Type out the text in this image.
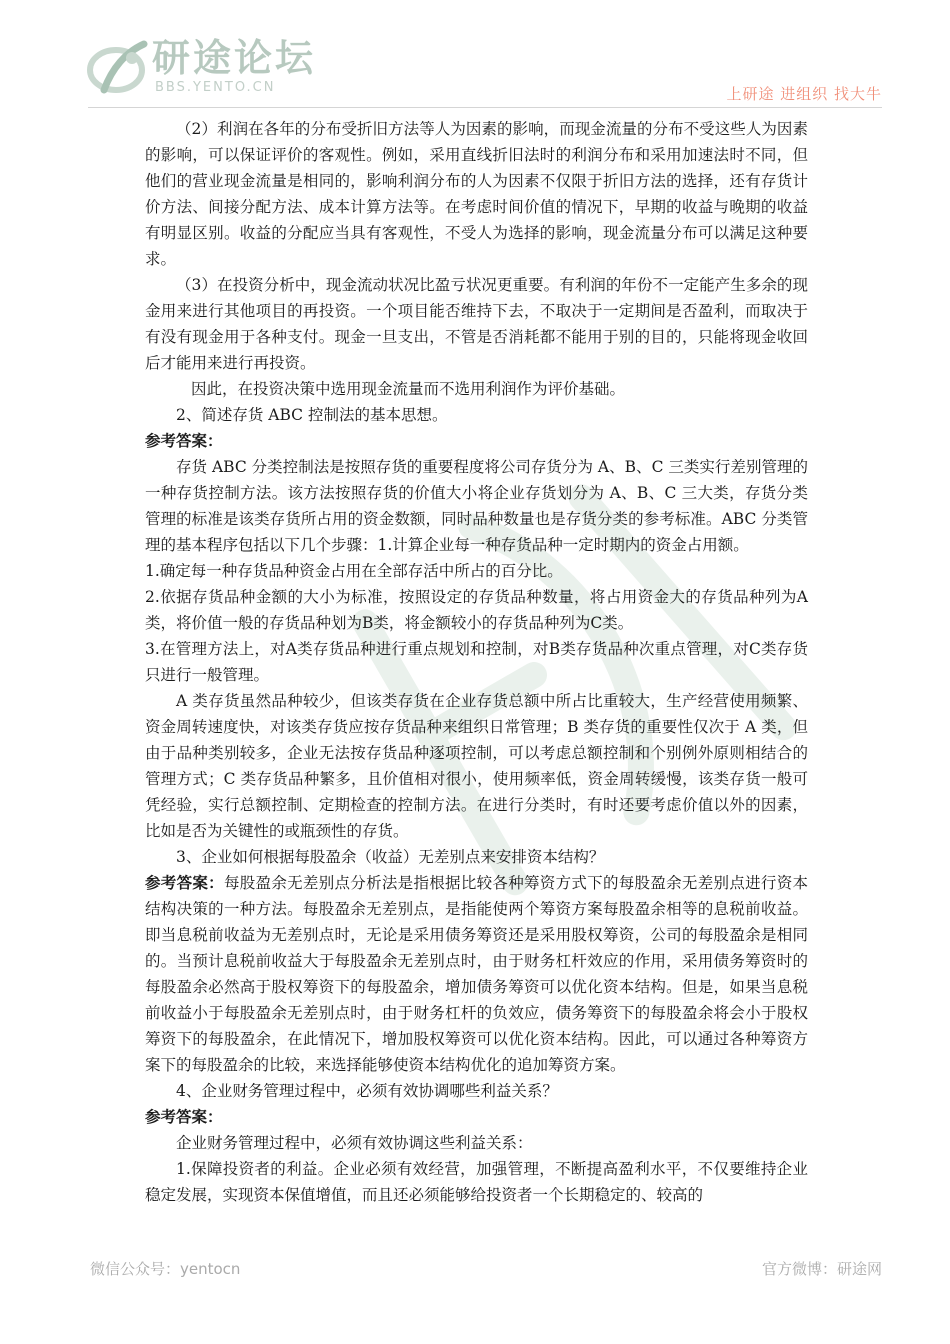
研途论坛
BBS.YENTO.CN	上研途 进组织 找大牛

（2）利润在各年的分布受折旧方法等人为因素的影响，而现金流量的分布不受这些人为因素的影响，可以保证评价的客观性。例如，采用直线折旧法时的利润分布和采用加速法时不同，但他们的营业现金流量是相同的，影响利润分布的人为因素不仅限于折旧方法的选择，还有存货计价方法、间接分配方法、成本计算方法等。在考虑时间价值的情况下，早期的收益与晚期的收益有明显区别。收益的分配应当具有客观性，不受人为选择的影响，现金流量分布可以满足这种要求。

（3）在投资分析中，现金流动状况比盈亏状况更重要。有利润的年份不一定能产生多余的现金用来进行其他项目的再投资。一个项目能否维持下去，不取决于一定期间是否盈利，而取决于有没有现金用于各种支付。现金一旦支出，不管是否消耗都不能用于别的目的，只能将现金收回后才能用来进行再投资。

因此，在投资决策中选用现金流量而不选用利润作为评价基础。

2、简述存货 ABC 控制法的基本思想。

参考答案：

存货 ABC 分类控制法是按照存货的重要程度将公司存货分为 A、B、C 三类实行差别管理的一种存货控制方法。该方法按照存货的价值大小将企业存货划分为 A、B、C 三大类，存货分类管理的标准是该类存货所占用的资金数额，同时品种数量也是存货分类的参考标准。ABC 分类管理的基本程序包括以下几个步骤：1.计算企业每一种存货品种一定时期内的资金占用额。

1.确定每一种存货品种资金占用在全部存活中所占的百分比。

2.依据存货品种金额的大小为标准，按照设定的存货品种数量，将占用资金大的存货品种列为A类，将价值一般的存货品种划为B类，将金额较小的存货品种列为C类。

3.在管理方法上，对A类存货品种进行重点规划和控制，对B类存货品种次重点管理，对C类存货只进行一般管理。

A 类存货虽然品种较少，但该类存货在企业存货总额中所占比重较大，生产经营使用频繁、资金周转速度快，对该类存货应按存货品种来组织日常管理；B 类存货的重要性仅次于 A 类，但由于品种类别较多，企业无法按存货品种逐项控制，可以考虑总额控制和个别例外原则相结合的管理方式；C 类存货品种繁多，且价值相对很小，使用频率低，资金周转缓慢，该类存货一般可凭经验，实行总额控制、定期检查的控制方法。在进行分类时，有时还要考虑价值以外的因素，比如是否为关键性的或瓶颈性的存货。

3、企业如何根据每股盈余（收益）无差别点来安排资本结构？

参考答案：每股盈余无差别点分析法是指根据比较各种筹资方式下的每股盈余无差别点进行资本结构决策的一种方法。每股盈余无差别点，是指能使两个筹资方案每股盈余相等的息税前收益。即当息税前收益为无差别点时，无论是采用债务筹资还是采用股权筹资，公司的每股盈余是相同的。当预计息税前收益大于每股盈余无差别点时，由于财务杠杆效应的作用，采用债务筹资时的每股盈余必然高于股权筹资下的每股盈余，增加债务筹资可以优化资本结构。但是，如果当息税前收益小于每股盈余无差别点时，由于财务杠杆的负效应，债务筹资下的每股盈余将会小于股权筹资下的每股盈余，在此情况下，增加股权筹资可以优化资本结构。因此，可以通过各种筹资方案下的每股盈余的比较，来选择能够使资本结构优化的追加筹资方案。

4、企业财务管理过程中，必须有效协调哪些利益关系？

参考答案：

企业财务管理过程中，必须有效协调这些利益关系：

1.保障投资者的利益。企业必须有效经营，加强管理，不断提高盈利水平，不仅要维持企业稳定发展，实现资本保值增值，而且还必须能够给投资者一个长期稳定的、较高的

微信公众号：yentocn	官方微博：研途网
